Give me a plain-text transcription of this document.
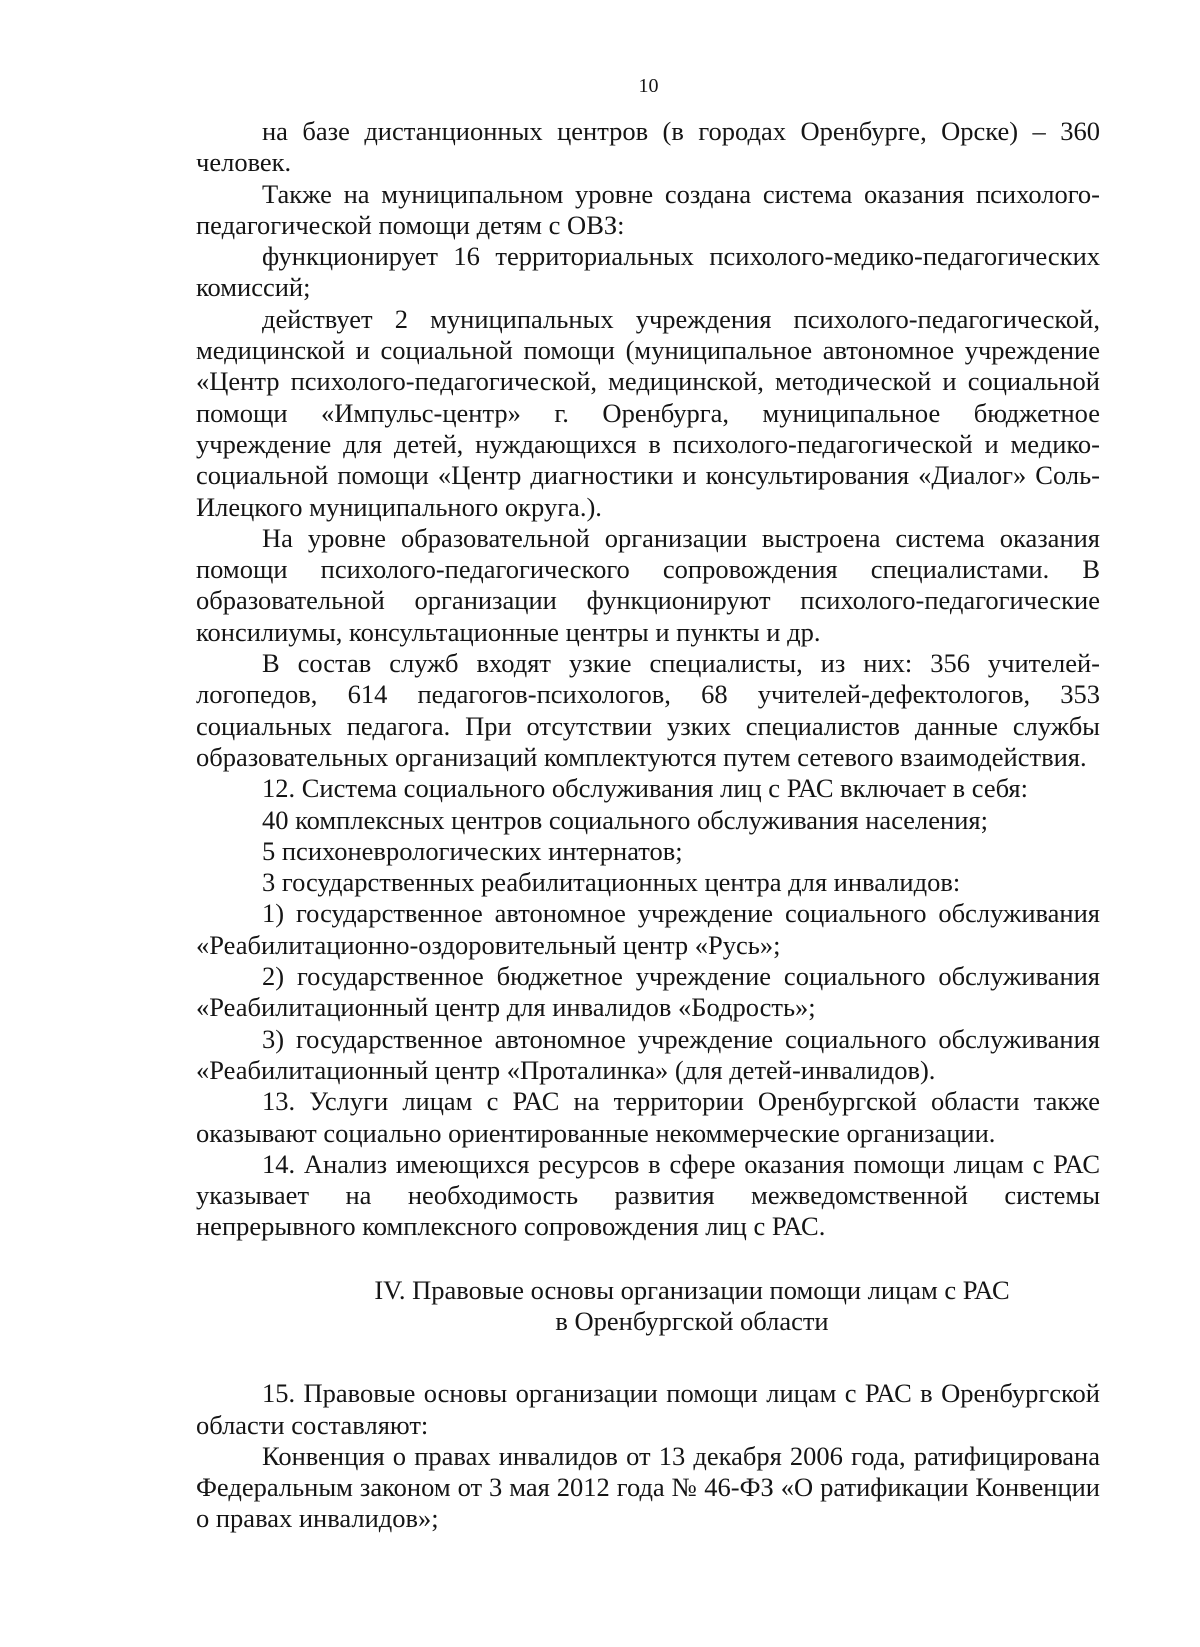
10

на базе дистанционных центров (в городах Оренбурге, Орске) – 360 человек.

Также на муниципальном уровне создана система оказания психолого-педагогической помощи детям с ОВЗ:

функционирует 16 территориальных психолого-медико-педагогических комиссий;

действует 2 муниципальных учреждения психолого-педагогической, медицинской и социальной помощи (муниципальное автономное учреждение «Центр психолого-педагогической, медицинской, методической и социальной помощи «Импульс-центр» г. Оренбурга, муниципальное бюджетное учреждение для детей, нуждающихся в психолого-педагогической и медико-социальной помощи «Центр диагностики и консультирования «Диалог» Соль-Илецкого муниципального округа.).

На уровне образовательной организации выстроена система оказания помощи психолого-педагогического сопровождения специалистами. В образовательной организации функционируют психолого-педагогические консилиумы, консультационные центры и пункты и др.

В состав служб входят узкие специалисты, из них: 356 учителей-логопедов, 614 педагогов-психологов, 68 учителей-дефектологов, 353 социальных педагога. При отсутствии узких специалистов данные службы образовательных организаций комплектуются путем сетевого взаимодействия.

12. Система социального обслуживания лиц с РАС включает в себя:

40 комплексных центров социального обслуживания населения;

5 психоневрологических интернатов;

3 государственных реабилитационных центра для инвалидов:

1) государственное автономное учреждение социального обслуживания «Реабилитационно-оздоровительный центр «Русь»;

2) государственное бюджетное учреждение социального обслуживания «Реабилитационный центр для инвалидов «Бодрость»;

3) государственное автономное учреждение социального обслуживания «Реабилитационный центр «Проталинка» (для детей-инвалидов).

13. Услуги лицам с РАС на территории Оренбургской области также оказывают социально ориентированные некоммерческие организации.

14. Анализ имеющихся ресурсов в сфере оказания помощи лицам с РАС указывает на необходимость развития межведомственной системы непрерывного комплексного сопровождения лиц с РАС.

IV. Правовые основы организации помощи лицам с РАС
в Оренбургской области

15. Правовые основы организации помощи лицам с РАС в Оренбургской области составляют:

Конвенция о правах инвалидов от 13 декабря 2006 года, ратифицирована Федеральным законом от 3 мая 2012 года № 46-ФЗ «О ратификации Конвенции о правах инвалидов»;
